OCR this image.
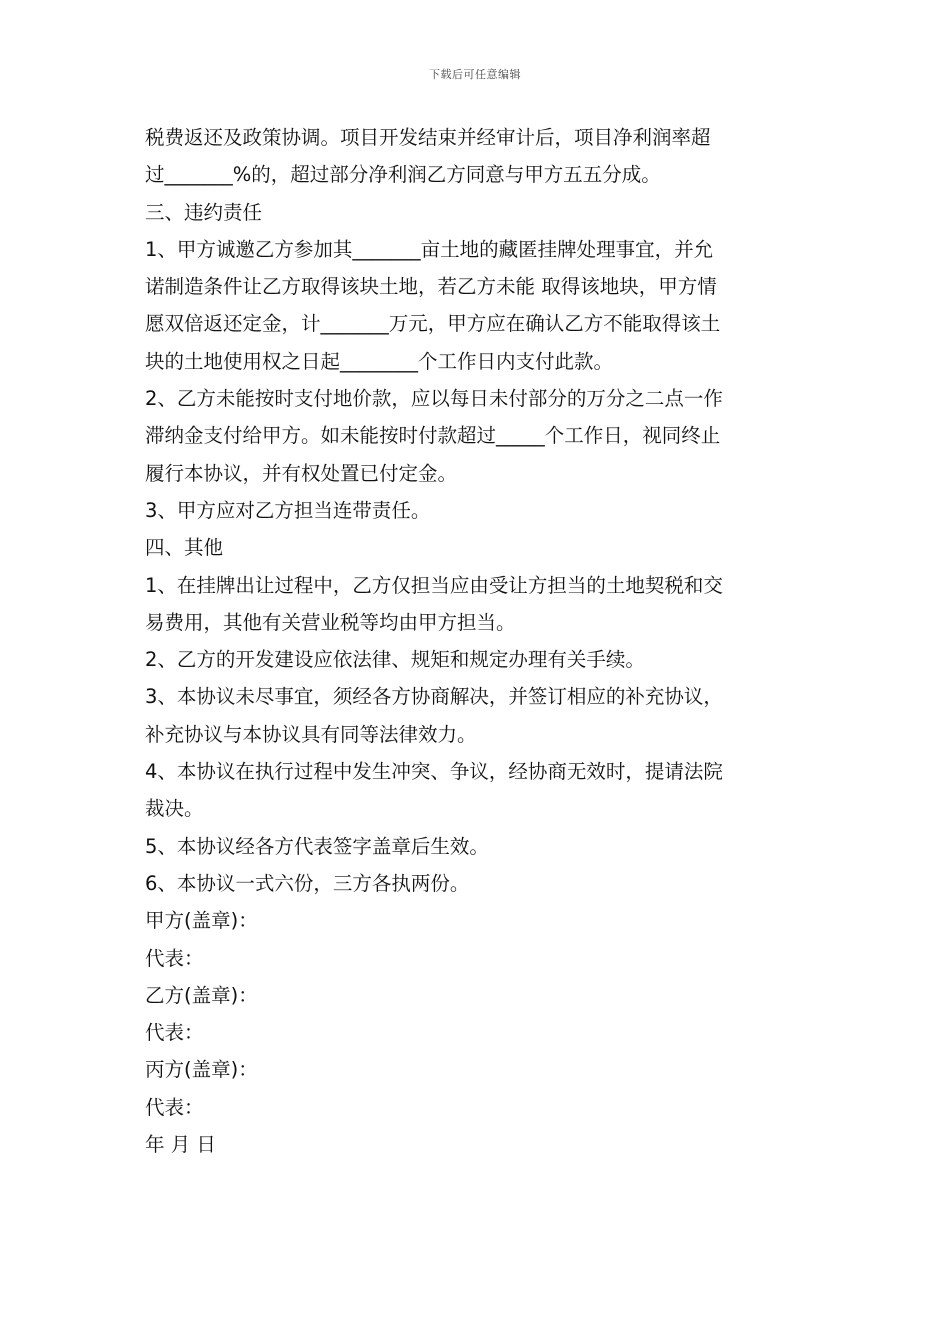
下载后可任意编辑
税费返还及政策协调。项目开发结束并经审计后，项目净利润率超
过_______%的，超过部分净利润乙方同意与甲方五五分成。
三、违约责任
1、甲方诚邀乙方参加其_______亩土地的藏匿挂牌处理事宜，并允
诺制造条件让乙方取得该块土地，若乙方未能 取得该地块，甲方情
愿双倍返还定金，计_______万元，甲方应在确认乙方不能取得该土
块的土地使用权之日起________个工作日内支付此款。
2、乙方未能按时支付地价款，应以每日未付部分的万分之二点一作
滞纳金支付给甲方。如未能按时付款超过_____个工作日，视同终止
履行本协议，并有权处置已付定金。
3、甲方应对乙方担当连带责任。
四、其他
1、在挂牌出让过程中，乙方仅担当应由受让方担当的土地契税和交
易费用，其他有关营业税等均由甲方担当。
2、乙方的开发建设应依法律、规矩和规定办理有关手续。
3、本协议未尽事宜，须经各方协商解决，并签订相应的补充协议，
补充协议与本协议具有同等法律效力。
4、本协议在执行过程中发生冲突、争议，经协商无效时，提请法院
裁决。
5、本协议经各方代表签字盖章后生效。
6、本协议一式六份，三方各执两份。
甲方(盖章)：
代表：
乙方(盖章)：
代表：
丙方(盖章)：
代表：
年 月 日
